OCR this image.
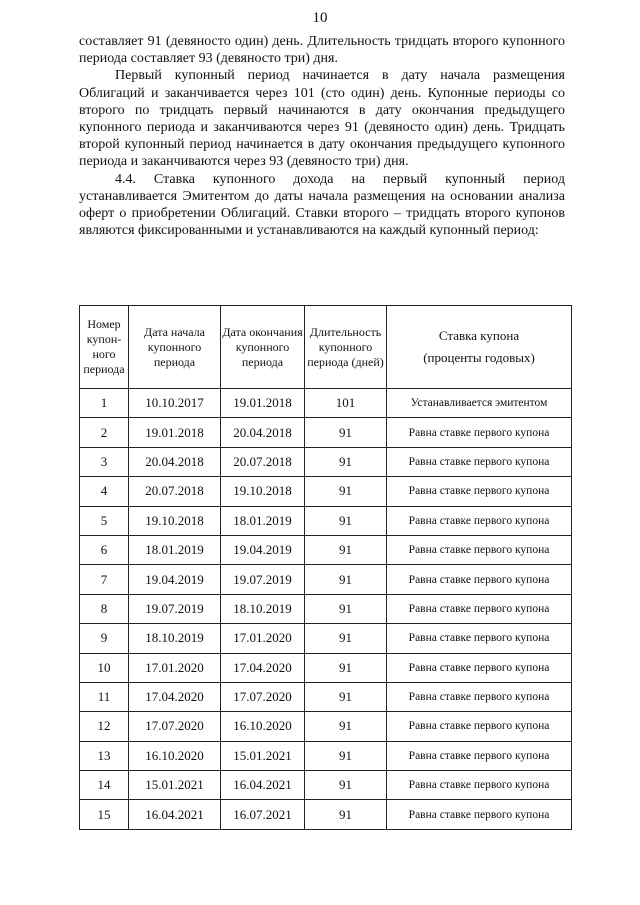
10

составляет 91 (девяносто один) день. Длительность тридцать второго купонного периода составляет 93 (девяносто три) дня.

Первый купонный период начинается в дату начала размещения Облигаций и заканчивается через 101 (сто один) день. Купонные периоды со второго по тридцать первый начинаются в дату окончания предыдущего купонного периода и заканчиваются через 91 (девяносто один) день. Тридцать второй купонный период начинается в дату окончания предыдущего купонного периода и заканчиваются через 93 (девяносто три) дня.

4.4. Ставка купонного дохода на первый купонный период устанавливается Эмитентом до даты начала размещения на основании анализа оферт о приобретении Облигаций. Ставки второго – тридцать второго купонов являются фиксированными и устанавливаются на каждый купонный период:

Номер купон-ного периода	Дата начала купонного периода	Дата окончания купонного периода	Длительность купонного периода (дней)	Ставка купона
(проценты годовых)
1	10.10.2017	19.01.2018	101	Устанавливается эмитентом
2	19.01.2018	20.04.2018	91	Равна ставке первого купона
3	20.04.2018	20.07.2018	91	Равна ставке первого купона
4	20.07.2018	19.10.2018	91	Равна ставке первого купона
5	19.10.2018	18.01.2019	91	Равна ставке первого купона
6	18.01.2019	19.04.2019	91	Равна ставке первого купона
7	19.04.2019	19.07.2019	91	Равна ставке первого купона
8	19.07.2019	18.10.2019	91	Равна ставке первого купона
9	18.10.2019	17.01.2020	91	Равна ставке первого купона
10	17.01.2020	17.04.2020	91	Равна ставке первого купона
11	17.04.2020	17.07.2020	91	Равна ставке первого купона
12	17.07.2020	16.10.2020	91	Равна ставке первого купона
13	16.10.2020	15.01.2021	91	Равна ставке первого купона
14	15.01.2021	16.04.2021	91	Равна ставке первого купона
15	16.04.2021	16.07.2021	91	Равна ставке первого купона
